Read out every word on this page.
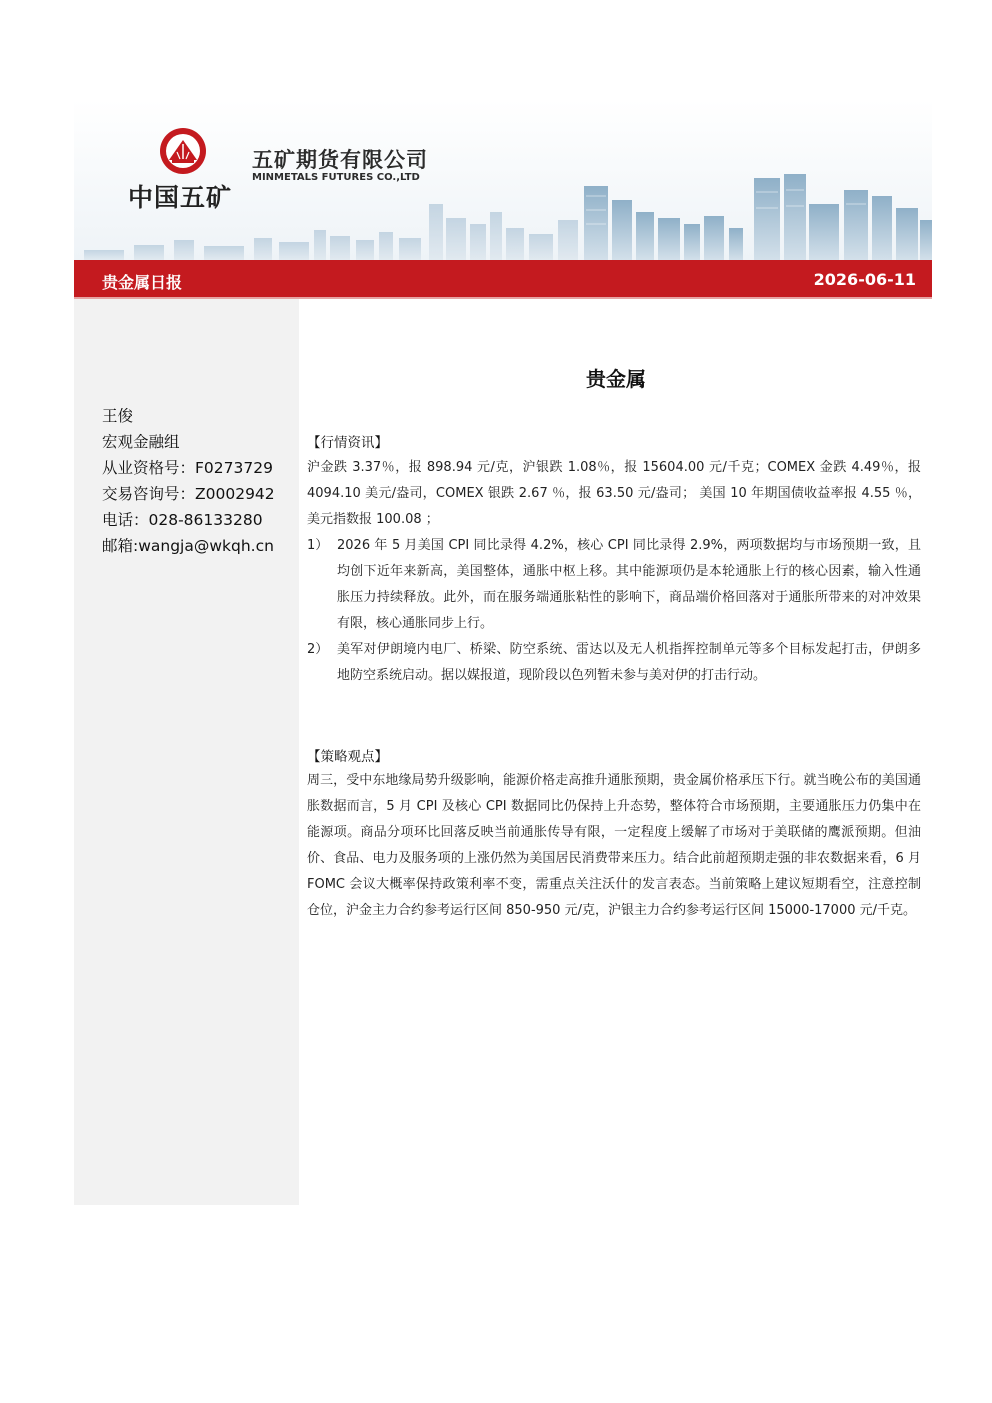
中国五矿
五矿期货有限公司
MINMETALS FUTURES CO.,LTD
贵金属日报	2026-06-11
王俊
宏观金融组
从业资格号：F0273729
交易咨询号：Z0002942
电话：028-86133280
邮箱:wangja@wkqh.cn
贵金属
【行情资讯】
沪金跌 3.37％，报 898.94 元/克，沪银跌 1.08％，报 15604.00 元/千克；COMEX 金跌 4.49％，报 4094.10 美元/盎司，COMEX 银跌 2.67 ％，报 63.50 元/盎司； 美国 10 年期国债收益率报 4.55 ％，美元指数报 100.08 ；
1） 2026 年 5 月美国 CPI 同比录得 4.2%，核心 CPI 同比录得 2.9%，两项数据均与市场预期一致，且均创下近年来新高，美国整体，通胀中枢上移。其中能源项仍是本轮通胀上行的核心因素，输入性通胀压力持续释放。此外，而在服务端通胀粘性的影响下，商品端价格回落对于通胀所带来的对冲效果有限，核心通胀同步上行。
2） 美军对伊朗境内电厂、桥梁、防空系统、雷达以及无人机指挥控制单元等多个目标发起打击，伊朗多地防空系统启动。据以媒报道，现阶段以色列暂未参与美对伊的打击行动。
【策略观点】
周三，受中东地缘局势升级影响，能源价格走高推升通胀预期，贵金属价格承压下行。就当晚公布的美国通胀数据而言，5 月 CPI 及核心 CPI 数据同比仍保持上升态势，整体符合市场预期，主要通胀压力仍集中在能源项。商品分项环比回落反映当前通胀传导有限，一定程度上缓解了市场对于美联储的鹰派预期。但油价、食品、电力及服务项的上涨仍然为美国居民消费带来压力。结合此前超预期走强的非农数据来看，6 月 FOMC 会议大概率保持政策利率不变，需重点关注沃什的发言表态。当前策略上建议短期看空，注意控制仓位，沪金主力合约参考运行区间 850-950 元/克，沪银主力合约参考运行区间 15000-17000 元/千克。
